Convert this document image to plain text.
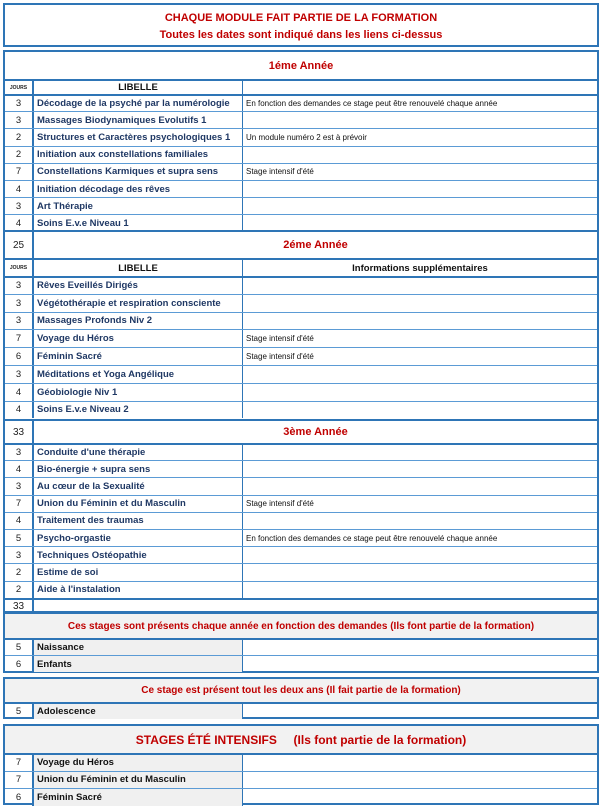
CHAQUE MODULE FAIT PARTIE DE LA FORMATION
Toutes les dates sont indiqué dans les liens ci-dessus
1éme Année
JOURS	LIBELLE
3	Décodage de la psyché par la numérologie	En fonction des demandes ce stage peut être renouvelé chaque année
3	Massages Biodynamiques Evolutifs 1
2	Structures et Caractères psychologiques 1	Un module numéro 2 est à prévoir
2	Initiation aux constellations familiales
7	Constellations Karmiques et supra sens	Stage intensif d'été
4	Initiation décodage des rêves
3	Art Thérapie
4	Soins E.v.e Niveau 1
25	2éme Année
JOURS	LIBELLE	Informations supplémentaires
3	Rêves Eveillés Dirigés
3	Végétothérapie et respiration consciente
3	Massages Profonds Niv 2
7	Voyage du Héros	Stage intensif d'été
6	Féminin Sacré	Stage intensif d'été
3	Méditations et Yoga Angélique
4	Géobiologie Niv 1
4	Soins E.v.e Niveau 2
33	3ème Année
3	Conduite d'une thérapie
4	Bio-énergie + supra sens
3	Au cœur de la Sexualité
7	Union du Féminin et du Masculin	Stage intensif d'été
4	Traitement des traumas
5	Psycho-orgastie	En fonction des demandes ce stage peut être renouvelé chaque année
3	Techniques Ostéopathie
2	Estime de soi
2	Aide à l'instalation
33
Ces stages sont présents chaque année en fonction des demandes (Ils font partie de la formation)
5	Naissance
6	Enfants
Ce stage est présent tout les deux ans (Il fait partie de la formation)
5	Adolescence
STAGES ÉTÉ INTENSIFS     (Ils font partie de la formation)
7	Voyage du Héros
7	Union du Féminin et du Masculin
6	Féminin Sacré
